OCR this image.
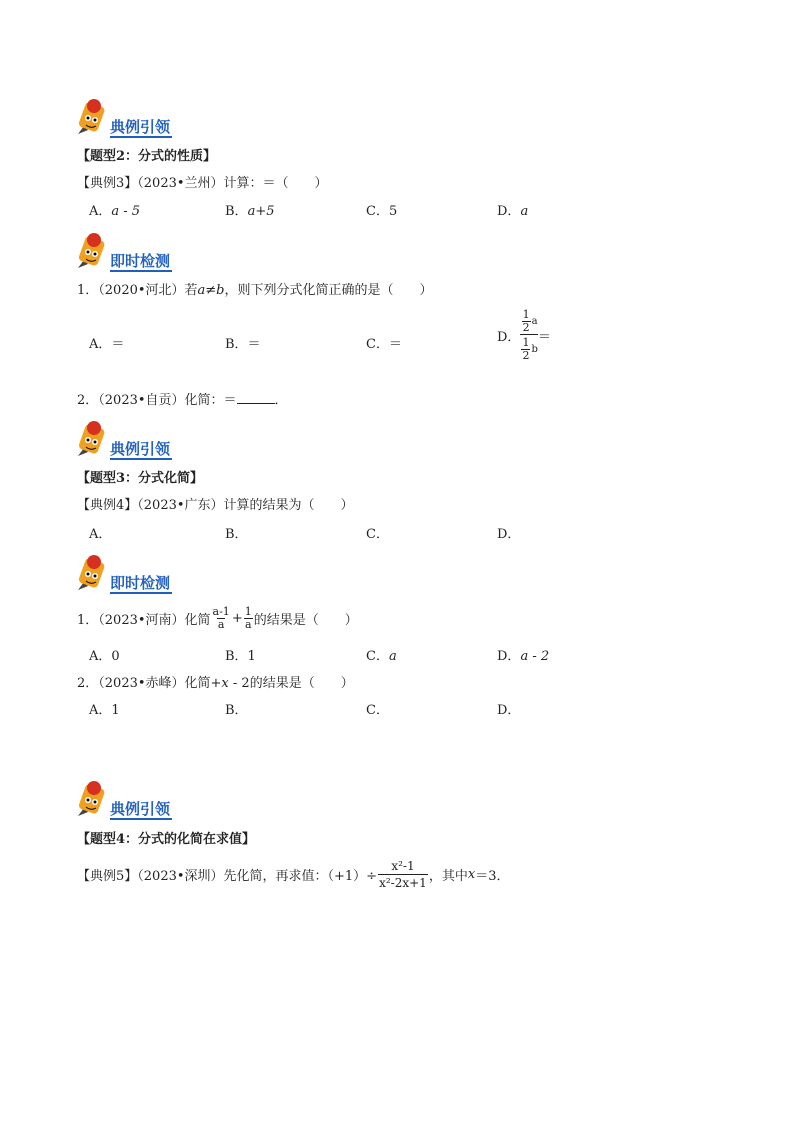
典例引领
【题型2：分式的性质】
【典例3】（2023•兰州）计算：＝（　　）
A．a - 5	B．a+5	C．5	D．a
即时检测
1．（2020•河北）若a≠b，则下列分式化简正确的是（　　）
A．＝	B．＝	C．＝	D． $\frac{\frac{1}{2} a}{\frac{1}{2} b}$ ＝
2．（2023•自贡）化简：＝	．
典例引领
【题型3：分式化简】
【典例4】（2023•广东）计算的结果为（　　）
A．	B．	C．	D．
即时检测
1．（2023•河南）化简 $\frac{a-1}{a} + \frac{1}{a}$ 的结果是（　　）
A．0	B．1	C．a	D．a - 2
2．（2023•赤峰）化简+x - 2的结果是（　　）
A．1	B．	C．	D．
典例引领
【题型4：分式的化简在求值】
【典例5】（2023•深圳）先化简，再求值：$(+1)\div \frac{\text{x²-1}}{\text{x²-2x+1}}$ ，其中x＝3．
